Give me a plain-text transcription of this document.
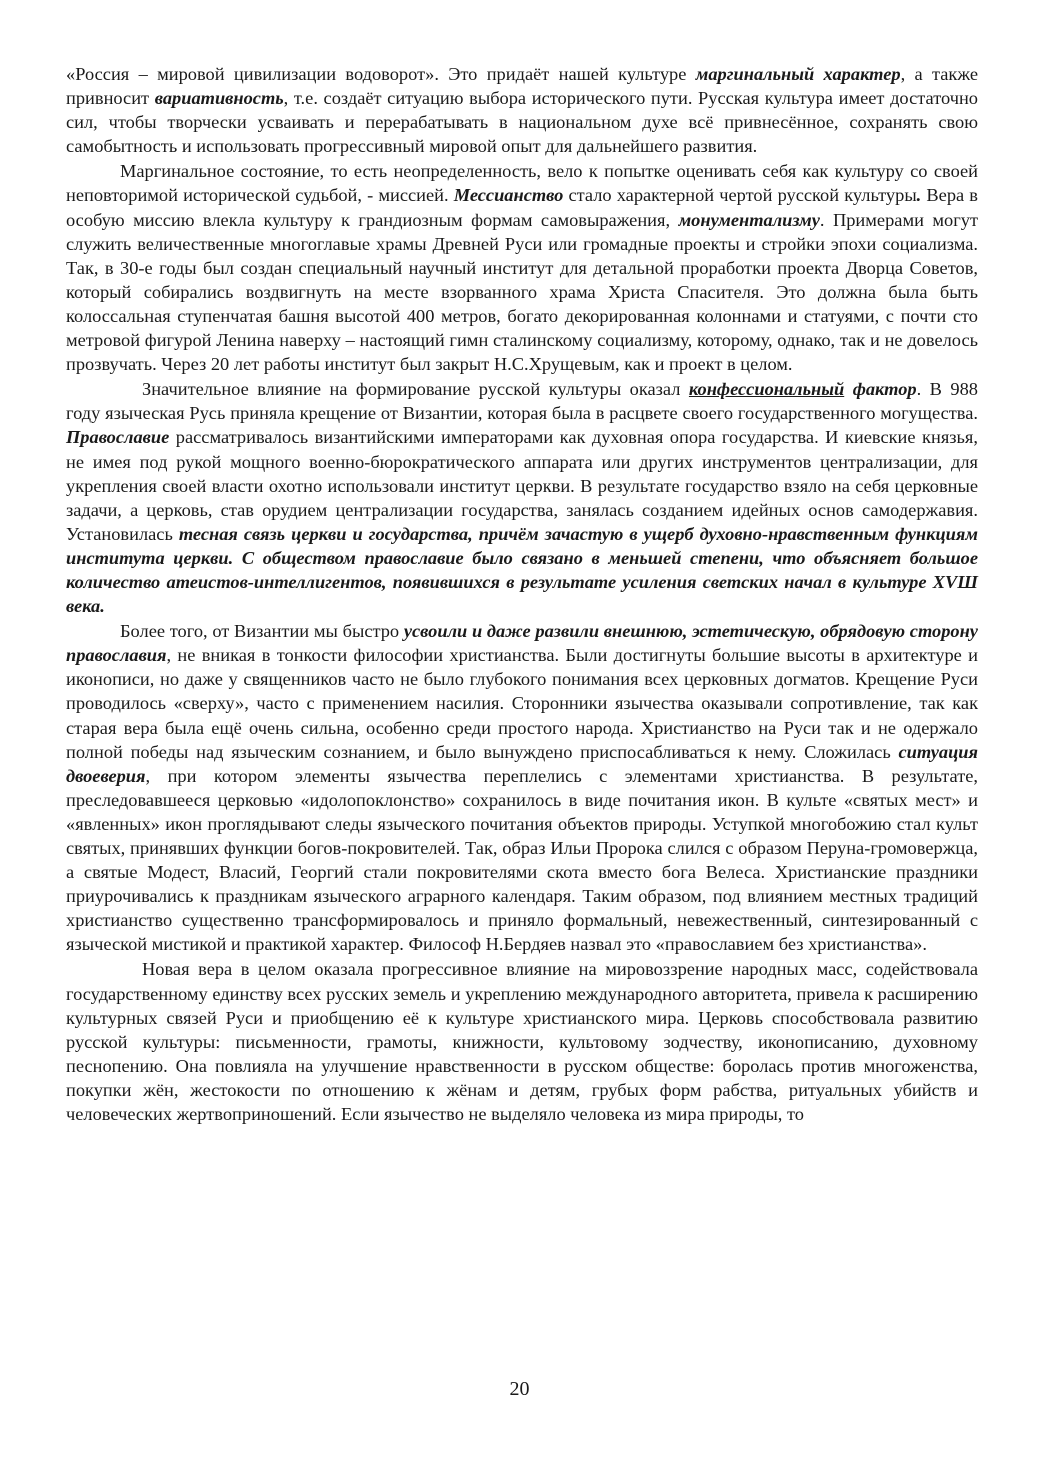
«Россия – мировой цивилизации водоворот». Это придаёт нашей культуре маргинальный характер, а также привносит вариативность, т.е. создаёт ситуацию выбора исторического пути. Русская культура имеет достаточно сил, чтобы творчески усваивать и перерабатывать в национальном духе всё привнесённое, сохранять свою самобытность и использовать прогрессивный мировой опыт для дальнейшего развития.

Маргинальное состояние, то есть неопределенность, вело к попытке оценивать себя как культуру со своей неповторимой исторической судьбой, - миссией. Мессианство стало характерной чертой русской культуры. Вера в особую миссию влекла культуру к грандиозным формам самовыражения, монументализму. Примерами могут служить величественные многоглавые храмы Древней Руси или громадные проекты и стройки эпохи социализма. Так, в 30-е годы был создан специальный научный институт для детальной проработки проекта Дворца Советов, который собирались воздвигнуть на месте взорванного храма Христа Спасителя. Это должна была быть колоссальная ступенчатая башня высотой 400 метров, богато декорированная колоннами и статуями, с почти сто метровой фигурой Ленина наверху – настоящий гимн сталинскому социализму, которому, однако, так и не довелось прозвучать. Через 20 лет работы институт был закрыт Н.С.Хрущевым, как и проект в целом.

Значительное влияние на формирование русской культуры оказал конфессиональный фактор. В 988 году языческая Русь приняла крещение от Византии, которая была в расцвете своего государственного могущества. Православие рассматривалось византийскими императорами как духовная опора государства. И киевские князья, не имея под рукой мощного военно-бюрократического аппарата или других инструментов централизации, для укрепления своей власти охотно использовали институт церкви. В результате государство взяло на себя церковные задачи, а церковь, став орудием централизации государства, занялась созданием идейных основ самодержавия. Установилась тесная связь церкви и государства, причём зачастую в ущерб духовно-нравственным функциям института церкви. С обществом православие было связано в меньшей степени, что объясняет большое количество атеистов-интеллигентов, появившихся в результате усиления светских начал в культуре XVШ века.

Более того, от Византии мы быстро усвоили и даже развили внешнюю, эстетическую, обрядовую сторону православия, не вникая в тонкости философии христианства. Были достигнуты большие высоты в архитектуре и иконописи, но даже у священников часто не было глубокого понимания всех церковных догматов. Крещение Руси проводилось «сверху», часто с применением насилия. Сторонники язычества оказывали сопротивление, так как старая вера была ещё очень сильна, особенно среди простого народа. Христианство на Руси так и не одержало полной победы над языческим сознанием, и было вынуждено приспосабливаться к нему. Сложилась ситуация двоеверия, при котором элементы язычества переплелись с элементами христианства. В результате, преследовавшееся церковью «идолопоклонство» сохранилось в виде почитания икон. В культе «святых мест» и «явленных» икон проглядывают следы языческого почитания объектов природы. Уступкой многобожию стал культ святых, принявших функции богов-покровителей. Так, образ Ильи Пророка слился с образом Перуна-громовержца, а святые Модест, Власий, Георгий стали покровителями скота вместо бога Велеса. Христианские праздники приурочивались к праздникам языческого аграрного календаря. Таким образом, под влиянием местных традиций христианство существенно трансформировалось и приняло формальный, невежественный, синтезированный с языческой мистикой и практикой характер. Философ Н.Бердяев назвал это «православием без христианства».

Новая вера в целом оказала прогрессивное влияние на мировоззрение народных масс, содействовала государственному единству всех русских земель и укреплению международного авторитета, привела к расширению культурных связей Руси и приобщению её к культуре христианского мира. Церковь способствовала развитию русской культуры: письменности, грамоты, книжности, культовому зодчеству, иконописанию, духовному песнопению. Она повлияла на улучшение нравственности в русском обществе: боролась против многоженства, покупки жён, жестокости по отношению к жёнам и детям, грубых форм рабства, ритуальных убийств и человеческих жертвоприношений. Если язычество не выделяло человека из мира природы, то

20
